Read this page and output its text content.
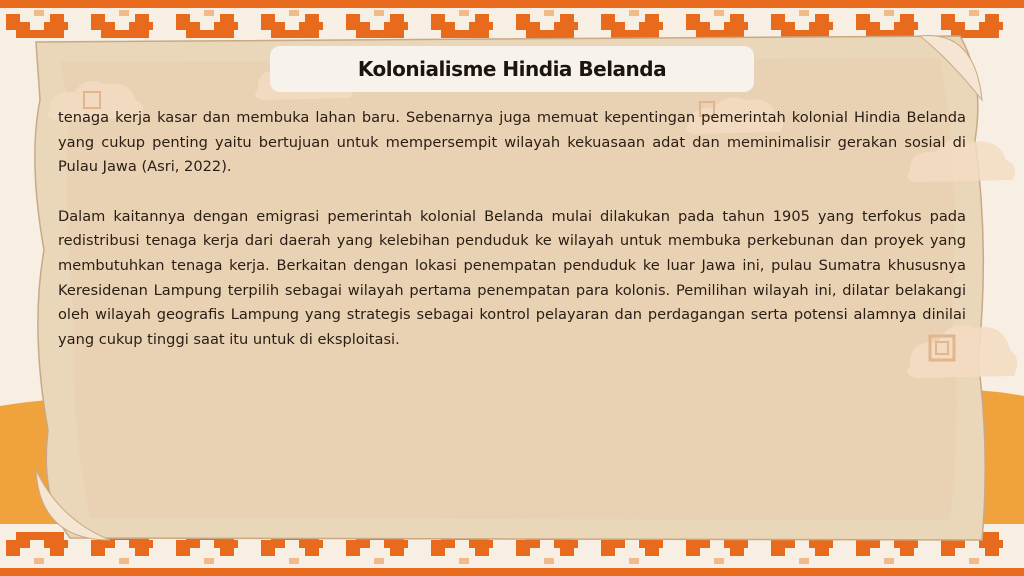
Kolonialisme Hindia Belanda

tenaga kerja kasar dan membuka lahan baru. Sebenarnya juga memuat kepentingan pemerintah kolonial Hindia Belanda yang cukup penting yaitu bertujuan untuk mempersempit wilayah kekuasaan adat dan meminimalisir gerakan sosial di Pulau Jawa (Asri, 2022).

Dalam kaitannya dengan emigrasi pemerintah kolonial Belanda mulai dilakukan pada tahun 1905 yang terfokus pada redistribusi tenaga kerja dari daerah yang kelebihan penduduk ke wilayah untuk membuka perkebunan dan proyek yang membutuhkan tenaga kerja. Berkaitan dengan lokasi penempatan penduduk ke luar Jawa ini, pulau Sumatra khususnya Keresidenan Lampung terpilih sebagai wilayah pertama penempatan para kolonis. Pemilihan wilayah ini, dilatar belakangi oleh wilayah geografis Lampung yang strategis sebagai kontrol pelayaran dan perdagangan serta potensi alamnya dinilai yang cukup tinggi saat itu untuk di eksploitasi.
